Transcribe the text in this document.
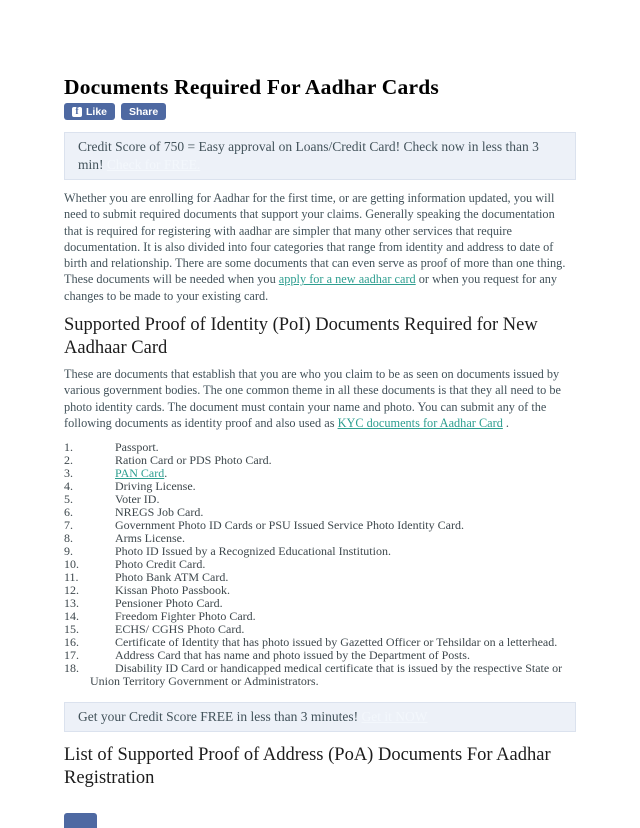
Documents Required For Aadhar Cards
f Like Share
Credit Score of 750 = Easy approval on Loans/Credit Card! Check now in less than 3 min! Check for FREE.

Whether you are enrolling for Aadhar for the first time, or are getting information updated, you will need to submit required documents that support your claims. Generally speaking the documentation that is required for registering with aadhar are simpler that many other services that require documentation. It is also divided into four categories that range from identity and address to date of birth and relationship. There are some documents that can even serve as proof of more than one thing. These documents will be needed when you apply for a new aadhar card or when you request for any changes to be made to your existing card.

Supported Proof of Identity (PoI) Documents Required for New Aadhaar Card

These are documents that establish that you are who you claim to be as seen on documents issued by various government bodies. The one common theme in all these documents is that they all need to be photo identity cards. The document must contain your name and photo. You can submit any of the following documents as identity proof and also used as KYC documents for Aadhar Card .

1.	Passport.
2.	Ration Card or PDS Photo Card.
3.	PAN Card.
4.	Driving License.
5.	Voter ID.
6.	NREGS Job Card.
7.	Government Photo ID Cards or PSU Issued Service Photo Identity Card.
8.	Arms License.
9.	Photo ID Issued by a Recognized Educational Institution.
10.	Photo Credit Card.
11.	Photo Bank ATM Card.
12.	Kissan Photo Passbook.
13.	Pensioner Photo Card.
14.	Freedom Fighter Photo Card.
15.	ECHS/ CGHS Photo Card.
16.	Certificate of Identity that has photo issued by Gazetted Officer or Tehsildar on a letterhead.
17.	Address Card that has name and photo issued by the Department of Posts.
18.	Disability ID Card or handicapped medical certificate that is issued by the respective State or Union Territory Government or Administrators.
Get your Credit Score FREE in less than 3 minutes! Get it NOW
List of Supported Proof of Address (PoA) Documents For Aadhar Registration
